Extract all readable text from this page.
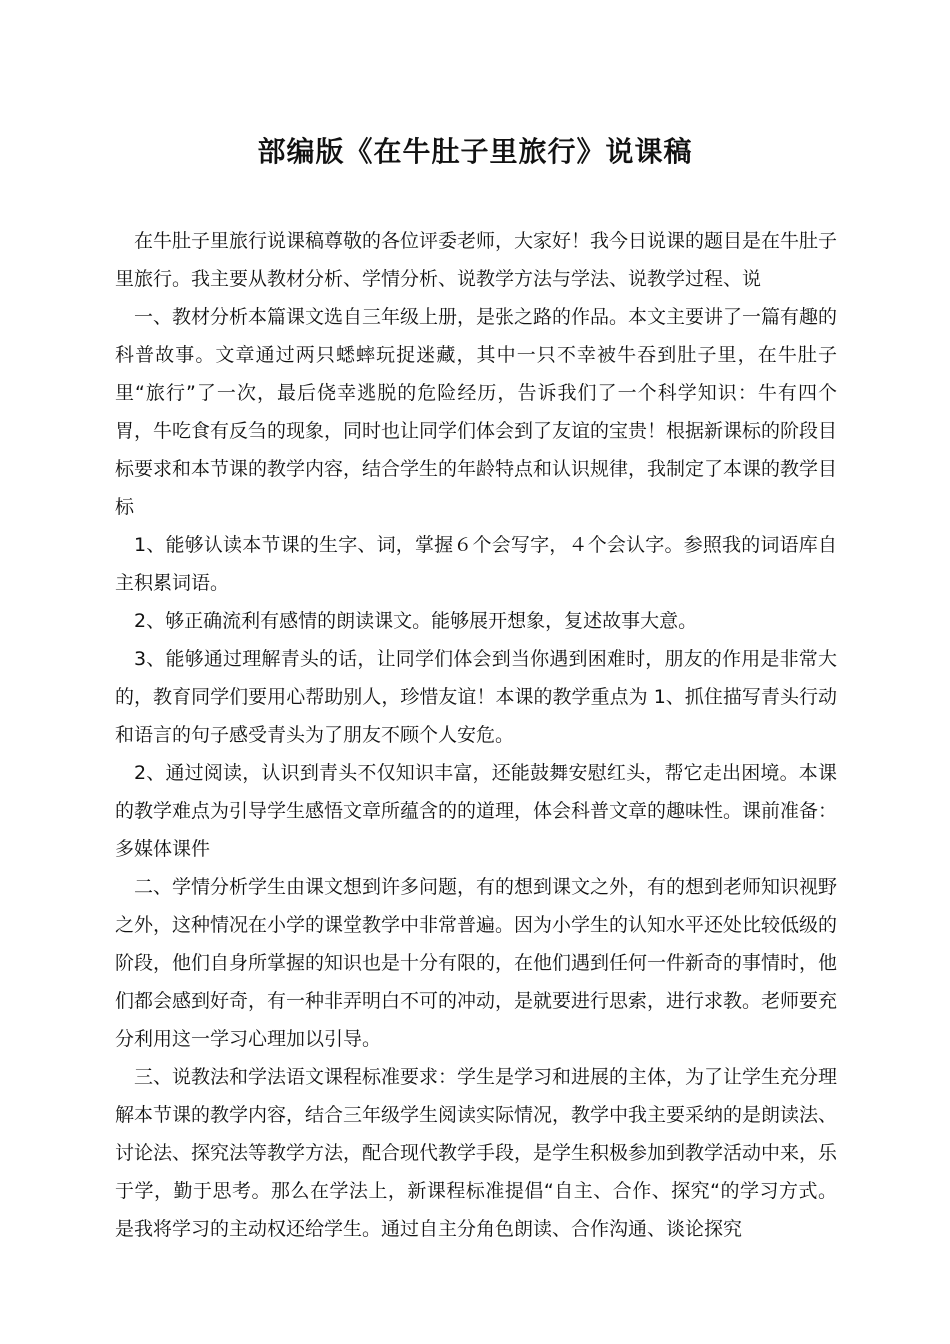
部编版《在牛肚子里旅行》说课稿

在牛肚子里旅行说课稿尊敬的各位评委老师，大家好！我今日说课的题目是在牛肚子里旅行。我主要从教材分析、学情分析、说教学方法与学法、说教学过程、说

一、教材分析本篇课文选自三年级上册，是张之路的作品。本文主要讲了一篇有趣的科普故事。文章通过两只蟋蟀玩捉迷藏，其中一只不幸被牛吞到肚子里，在牛肚子里“旅行”了一次，最后侥幸逃脱的危险经历，告诉我们了一个科学知识：牛有四个胃，牛吃食有反刍的现象，同时也让同学们体会到了友谊的宝贵！根据新课标的阶段目标要求和本节课的教学内容，结合学生的年龄特点和认识规律，我制定了本课的教学目标

1、能够认读本节课的生字、词，掌握６个会写字，４个会认字。参照我的词语库自主积累词语。

2、够正确流利有感情的朗读课文。能够展开想象，复述故事大意。

3、能够通过理解青头的话，让同学们体会到当你遇到困难时，朋友的作用是非常大的，教育同学们要用心帮助别人，珍惜友谊！本课的教学重点为 1、抓住描写青头行动和语言的句子感受青头为了朋友不顾个人安危。

2、通过阅读，认识到青头不仅知识丰富，还能鼓舞安慰红头，帮它走出困境。本课的教学难点为引导学生感悟文章所蕴含的的道理，体会科普文章的趣味性。课前准备：多媒体课件

二、学情分析学生由课文想到许多问题，有的想到课文之外，有的想到老师知识视野之外，这种情况在小学的课堂教学中非常普遍。因为小学生的认知水平还处比较低级的阶段，他们自身所掌握的知识也是十分有限的，在他们遇到任何一件新奇的事情时，他们都会感到好奇，有一种非弄明白不可的冲动，是就要进行思索，进行求教。老师要充分利用这一学习心理加以引导。

三、说教法和学法语文课程标准要求：学生是学习和进展的主体，为了让学生充分理解本节课的教学内容，结合三年级学生阅读实际情况，教学中我主要采纳的是朗读法、讨论法、探究法等教学方法，配合现代教学手段，是学生积极参加到教学活动中来，乐于学，勤于思考。那么在学法上，新课程标准提倡“自主、合作、探究“的学习方式。是我将学习的主动权还给学生。通过自主分角色朗读、合作沟通、谈论探究
